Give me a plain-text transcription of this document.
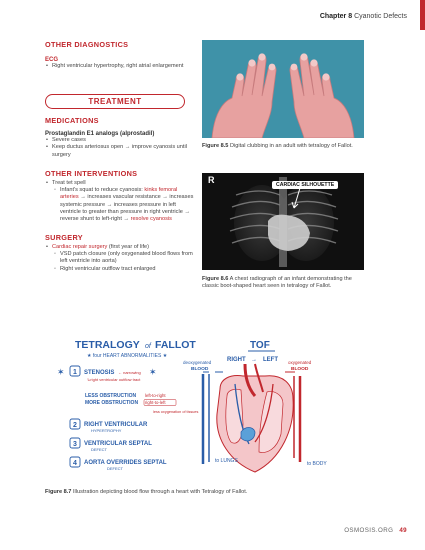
Chapter 8 Cyanotic Defects
OTHER DIAGNOSTICS
ECG
• Right ventricular hypertrophy, right atrial enlargement
TREATMENT
MEDICATIONS
Prostaglandin E1 analogs (alprostadil)
• Severe cases
• Keep ductus arteriosus open → improve cyanosis until surgery
OTHER INTERVENTIONS
• Treat tet spell
◦ Infant's squat to reduce cyanosis: kinks femoral arteries → increases vascular resistance → increases systemic pressure → increases pressure in left ventricle to greater than pressure in right ventricle → reverse shunt to left-right → resolve cyanosis
SURGERY
• Cardiac repair surgery (first year of life)
◦ VSD patch closure (only oxygenated blood flows from left ventricle into aorta)
◦ Right ventricular outflow tract enlarged
Figure 8.5 Digital clubbing in an adult with tetralogy of Fallot.
R	CARDIAC SILHOUETTE
Figure 8.6 A chest radiograph of an infant demonstrating the classic boot-shaped heart seen in tetralogy of Fallot.
TETRALOGY of FALLOT
★ four HEART ABNORMALITIES ★
✶ 1 STENOSIS ← narrowing ✶
↳right ventricular outflow tract
LESS OBSTRUCTION left-to-right
MORE OBSTRUCTION right-to-left
less oxygenation of tissues
2 RIGHT VENTRICULAR
HYPERTROPHY
3 VENTRICULAR SEPTAL
DEFECT
4 AORTA OVERRIDES SEPTAL
DEFECT
TOF
RIGHT → LEFT
deoxygenated
BLOOD
oxygenated
BLOOD
to LUNGS	to BODY
Figure 8.7 Illustration depicting blood flow through a heart with Tetralogy of Fallot.
OSMOSIS.ORG 49
